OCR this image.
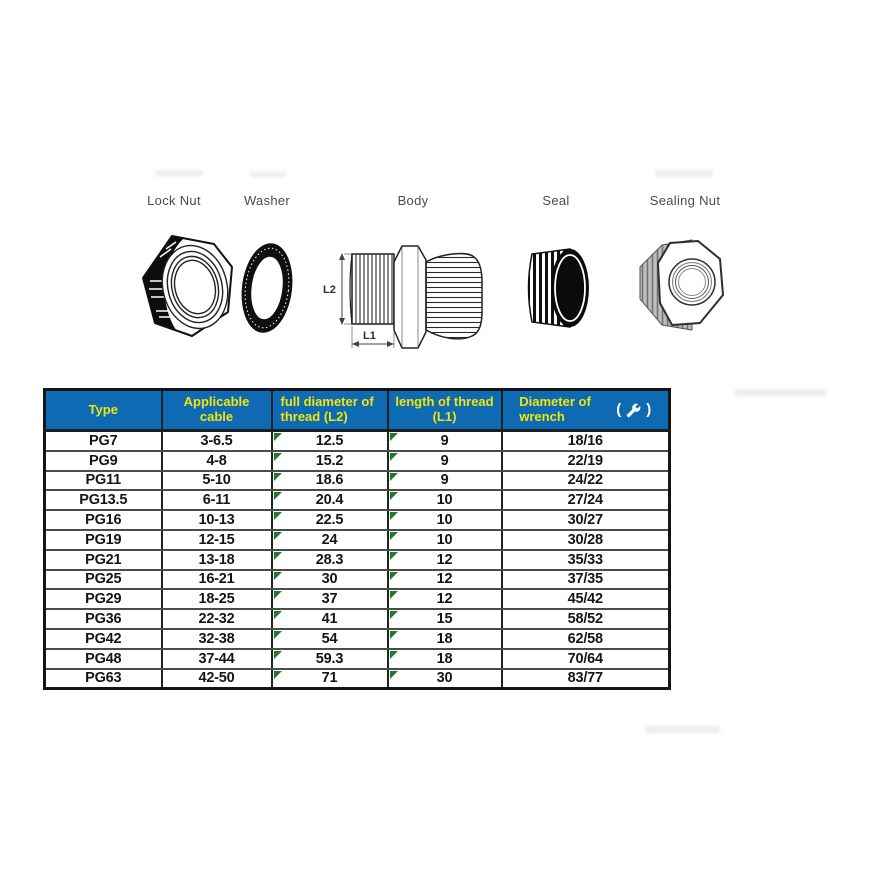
Lock Nut	Washer	Body	Seal	Sealing Nut
L2
L1
Type	Applicable cable	full diameter of thread (L2)	length of thread (L1)	Diameter of wrench ( )

PG7	3-6.5	12.5	9	18/16
PG9	4-8	15.2	9	22/19
PG11	5-10	18.6	9	24/22
PG13.5	6-11	20.4	10	27/24
PG16	10-13	22.5	10	30/27
PG19	12-15	24	10	30/28
PG21	13-18	28.3	12	35/33
PG25	16-21	30	12	37/35
PG29	18-25	37	12	45/42
PG36	22-32	41	15	58/52
PG42	32-38	54	18	62/58
PG48	37-44	59.3	18	70/64
PG63	42-50	71	30	83/77
